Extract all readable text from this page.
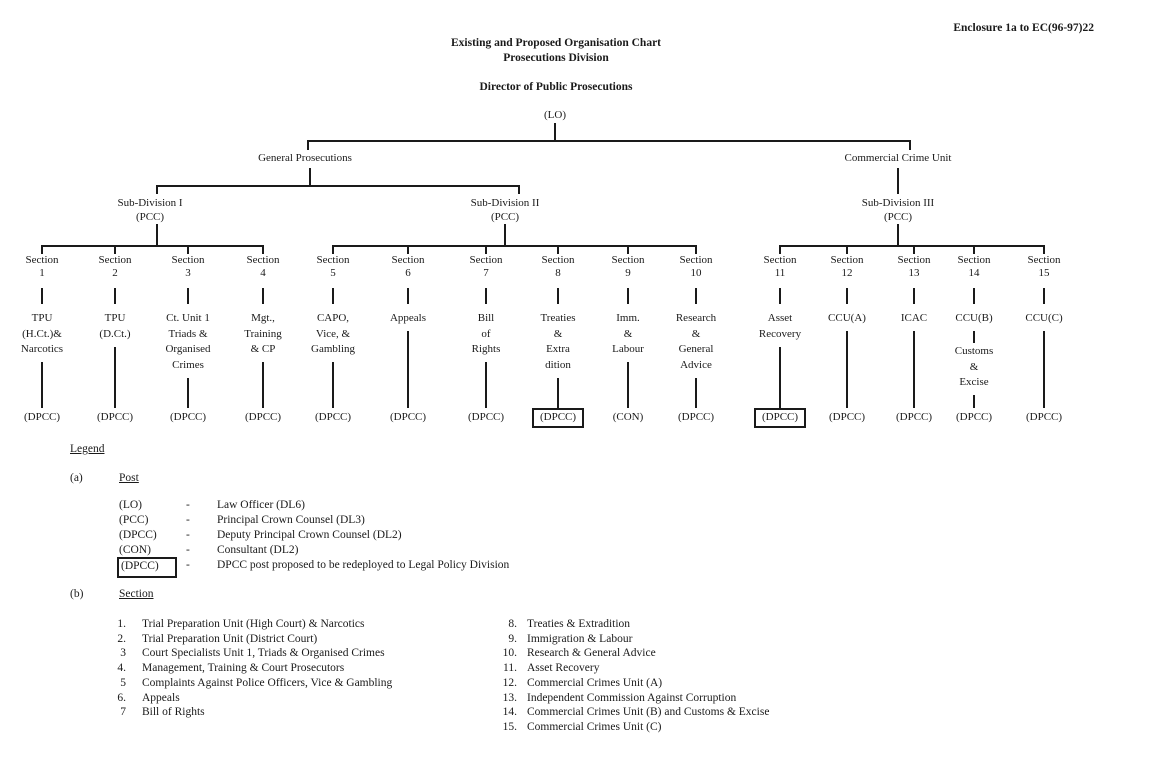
Enclosure 1a to EC(96-97)22
Existing and Proposed Organisation Chart
Prosecutions Division
Director of Public Prosecutions
(LO)
General Prosecutions	Commercial Crime Unit
Sub-Division I
(PCC)
Sub-Division II
(PCC)
Sub-Division III
(PCC)
Section
1
TPU
(H.Ct.)&
Narcotics
(DPCC)
Section
2
TPU
(D.Ct.)
(DPCC)
Section
3
Ct. Unit 1
Triads &
Organised
Crimes
(DPCC)
Section
4
Mgt.,
Training
& CP
(DPCC)
Section
5
CAPO,
Vice, &
Gambling
(DPCC)
Section
6
Appeals
(DPCC)
Section
7
Bill
of
Rights
(DPCC)
Section
8
Treaties
&
Extra
dition
(DPCC)
Section
9
Imm.
&
Labour
(CON)
Section
10
Research
&
General
Advice
(DPCC)
Section
11
Asset
Recovery
(DPCC)
Section
12
CCU(A)
(DPCC)
Section
13
ICAC
(DPCC)
Section
14
CCU(B)
Customs
&
Excise
(DPCC)
Section
15
CCU(C)
(DPCC)
Legend
(a)	Post
(LO)	- Law Officer (DL6)
(PCC)	- Principal Crown Counsel (DL3)
(DPCC)	- Deputy Principal Crown Counsel (DL2)
(CON)	- Consultant (DL2)
(DPCC)	- DPCC post proposed to be redeployed to Legal Policy Division
(b)	Section
1. Trial Preparation Unit (High Court) & Narcotics
2. Trial Preparation Unit (District Court)
3 Court Specialists Unit 1, Triads & Organised Crimes
4. Management, Training & Court Prosecutors
5 Complaints Against Police Officers, Vice & Gambling
6. Appeals
7 Bill of Rights
8. Treaties & Extradition
9. Immigration & Labour
10. Research & General Advice
11. Asset Recovery
12. Commercial Crimes Unit (A)
13. Independent Commission Against Corruption
14. Commercial Crimes Unit (B) and Customs & Excise
15. Commercial Crimes Unit (C)
